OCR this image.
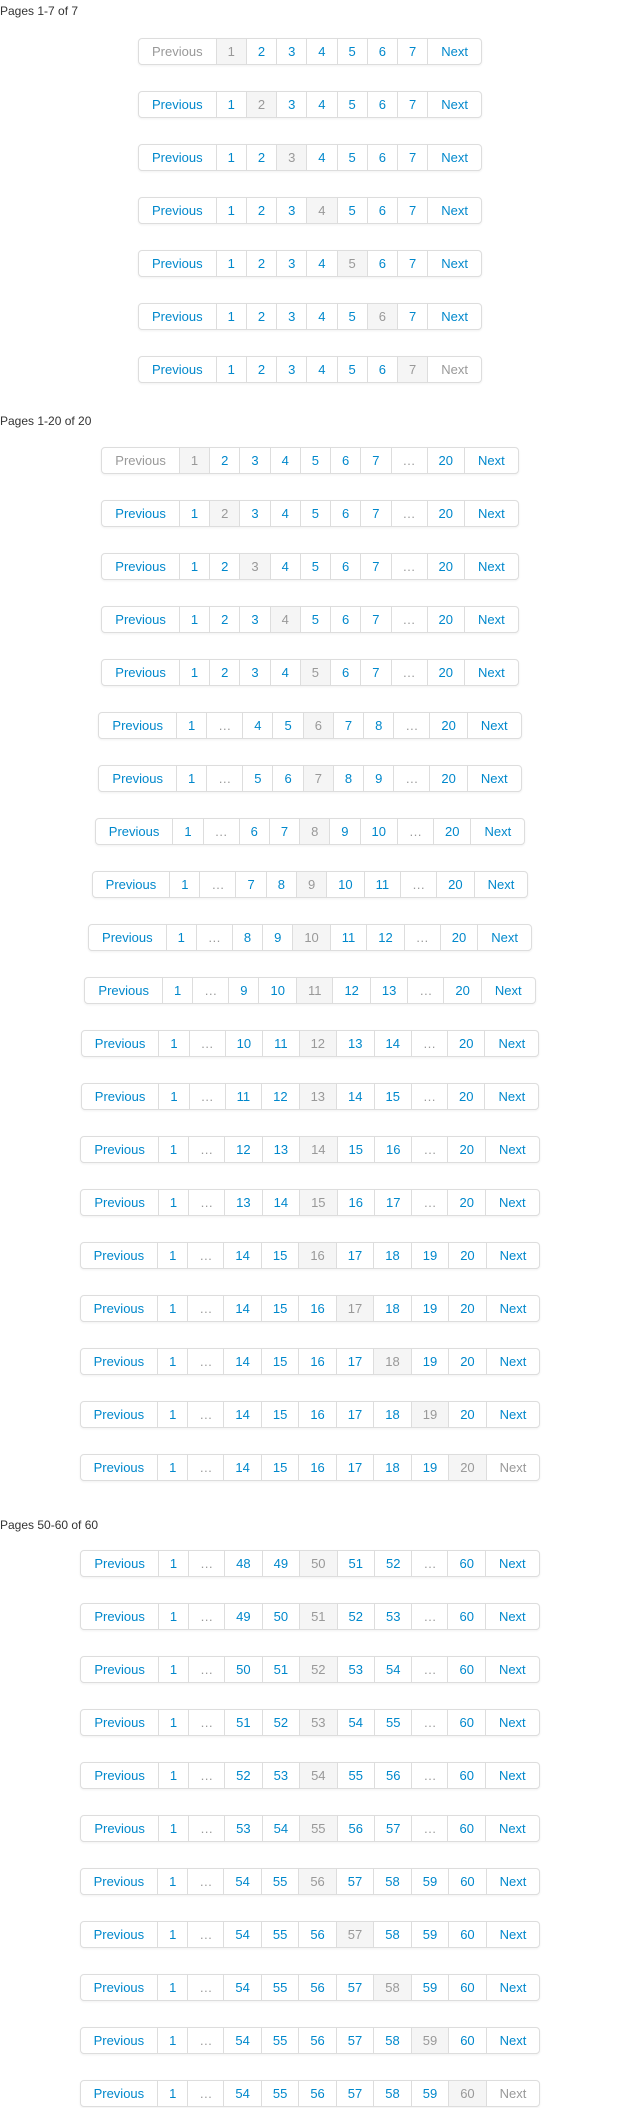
Pages 1-7 of 7
Previous	1	2	3	4	5	6	7	Next
Previous	1	2	3	4	5	6	7	Next
Previous	1	2	3	4	5	6	7	Next
Previous	1	2	3	4	5	6	7	Next
Previous	1	2	3	4	5	6	7	Next
Previous	1	2	3	4	5	6	7	Next
Previous	1	2	3	4	5	6	7	Next
Pages 1-20 of 20
Previous	1	2	3	4	5	6	7	…	20	Next
Previous	1	2	3	4	5	6	7	…	20	Next
Previous	1	2	3	4	5	6	7	…	20	Next
Previous	1	2	3	4	5	6	7	…	20	Next
Previous	1	2	3	4	5	6	7	…	20	Next
Previous	1	…	4	5	6	7	8	…	20	Next
Previous	1	…	5	6	7	8	9	…	20	Next
Previous	1	…	6	7	8	9	10	…	20	Next
Previous	1	…	7	8	9	10	11	…	20	Next
Previous	1	…	8	9	10	11	12	…	20	Next
Previous	1	…	9	10	11	12	13	…	20	Next
Previous	1	…	10	11	12	13	14	…	20	Next
Previous	1	…	11	12	13	14	15	…	20	Next
Previous	1	…	12	13	14	15	16	…	20	Next
Previous	1	…	13	14	15	16	17	…	20	Next
Previous	1	…	14	15	16	17	18	19	20	Next
Previous	1	…	14	15	16	17	18	19	20	Next
Previous	1	…	14	15	16	17	18	19	20	Next
Previous	1	…	14	15	16	17	18	19	20	Next
Previous	1	…	14	15	16	17	18	19	20	Next
Pages 50-60 of 60
Previous	1	…	48	49	50	51	52	…	60	Next
Previous	1	…	49	50	51	52	53	…	60	Next
Previous	1	…	50	51	52	53	54	…	60	Next
Previous	1	…	51	52	53	54	55	…	60	Next
Previous	1	…	52	53	54	55	56	…	60	Next
Previous	1	…	53	54	55	56	57	…	60	Next
Previous	1	…	54	55	56	57	58	59	60	Next
Previous	1	…	54	55	56	57	58	59	60	Next
Previous	1	…	54	55	56	57	58	59	60	Next
Previous	1	…	54	55	56	57	58	59	60	Next
Previous	1	…	54	55	56	57	58	59	60	Next
